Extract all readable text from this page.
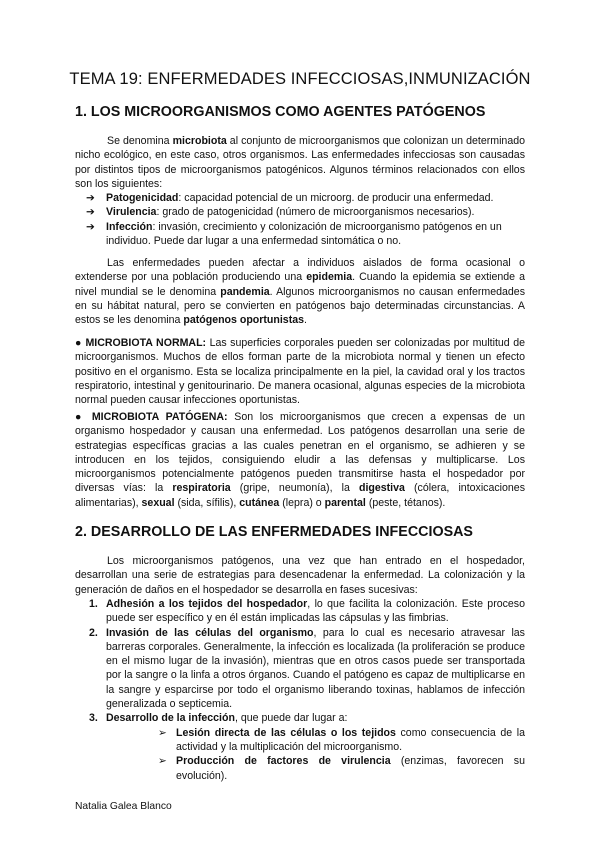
TEMA 19: ENFERMEDADES INFECCIOSAS,INMUNIZACIÓN
1. LOS MICROORGANISMOS COMO AGENTES PATÓGENOS

Se denomina microbiota al conjunto de microorganismos que colonizan un determinado nicho ecológico, en este caso, otros organismos. Las enfermedades infecciosas son causadas por distintos tipos de microorganismos patogénicos. Algunos términos relacionados con ellos son los siguientes:

➔ Patogenicidad: capacidad potencial de un microorg. de producir una enfermedad.
➔ Virulencia: grado de patogenicidad (número de microorganismos necesarios).
➔ Infección: invasión, crecimiento y colonización de microorganismo patógenos en un individuo. Puede dar lugar a una enfermedad sintomática o no.

Las enfermedades pueden afectar a individuos aislados de forma ocasional o extenderse por una población produciendo una epidemia. Cuando la epidemia se extiende a nivel mundial se le denomina pandemia. Algunos microorganismos no causan enfermedades en su hábitat natural, pero se convierten en patógenos bajo determinadas circunstancias. A estos se les denomina patógenos oportunistas.

● MICROBIOTA NORMAL: Las superficies corporales pueden ser colonizadas por multitud de microorganismos. Muchos de ellos forman parte de la microbiota normal y tienen un efecto positivo en el organismo. Esta se localiza principalmente en la piel, la cavidad oral y los tractos respiratorio, intestinal y genitourinario. De manera ocasional, algunas especies de la microbiota normal pueden causar infecciones oportunistas.

● MICROBIOTA PATÓGENA: Son los microorganismos que crecen a expensas de un organismo hospedador y causan una enfermedad. Los patógenos desarrollan una serie de estrategias específicas gracias a las cuales penetran en el organismo, se adhieren y se introducen en los tejidos, consiguiendo eludir a las defensas y multiplicarse. Los microorganismos potencialmente patógenos pueden transmitirse hasta el hospedador por diversas vías: la respiratoria (gripe, neumonía), la digestiva (cólera, intoxicaciones alimentarias), sexual (sida, sífilis), cutánea (lepra) o parental (peste, tétanos).

2. DESARROLLO DE LAS ENFERMEDADES INFECCIOSAS

Los microorganismos patógenos, una vez que han entrado en el hospedador, desarrollan una serie de estrategias para desencadenar la enfermedad. La colonización y la generación de daños en el hospedador se desarrolla en fases sucesivas:

1. Adhesión a los tejidos del hospedador, lo que facilita la colonización. Este proceso puede ser específico y en él están implicadas las cápsulas y las fimbrias.
2. Invasión de las células del organismo, para lo cual es necesario atravesar las barreras corporales. Generalmente, la infección es localizada (la proliferación se produce en el mismo lugar de la invasión), mientras que en otros casos puede ser transportada por la sangre o la linfa a otros órganos. Cuando el patógeno es capaz de multiplicarse en la sangre y esparcirse por todo el organismo liberando toxinas, hablamos de infección generalizada o septicemia.
3. Desarrollo de la infección, que puede dar lugar a:
➢ Lesión directa de las células o los tejidos como consecuencia de la actividad y la multiplicación del microorganismo.
➢ Producción de factores de virulencia (enzimas, favorecen su evolución).
Natalia Galea Blanco
